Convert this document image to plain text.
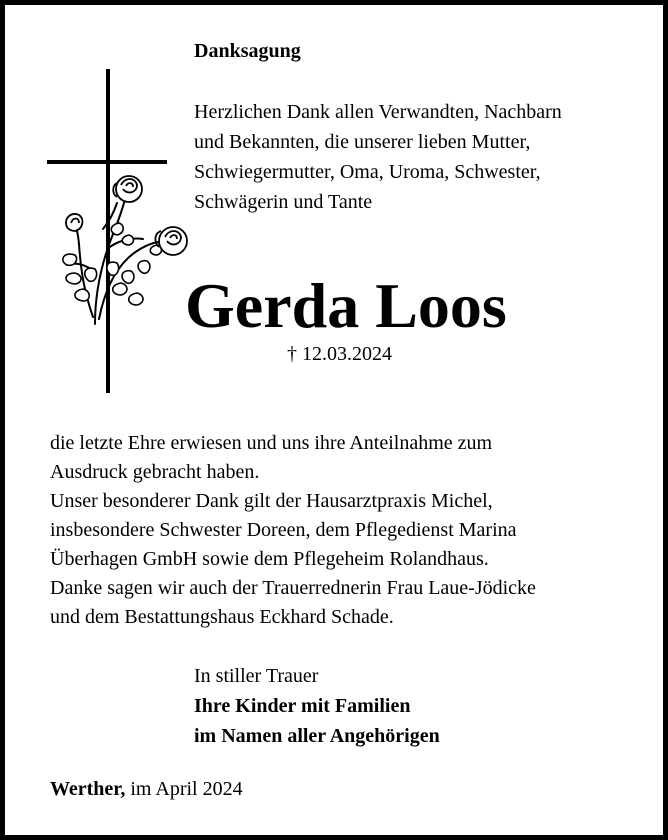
Danksagung
Herzlichen Dank allen Verwandten, Nachbarn
und Bekannten, die unserer lieben Mutter,
Schwiegermutter, Oma, Uroma, Schwester,
Schwägerin und Tante
Gerda Loos
† 12.03.2024
die letzte Ehre erwiesen und uns ihre Anteilnahme zum
Ausdruck gebracht haben.
Unser besonderer Dank gilt der Hausarztpraxis Michel,
insbesondere Schwester Doreen, dem Pflegedienst Marina
Überhagen GmbH sowie dem Pflegeheim Rolandhaus.
Danke sagen wir auch der Trauerrednerin Frau Laue-Jödicke
und dem Bestattungshaus Eckhard Schade.
In stiller Trauer
Ihre Kinder mit Familien
im Namen aller Angehörigen
Werther, im April 2024
